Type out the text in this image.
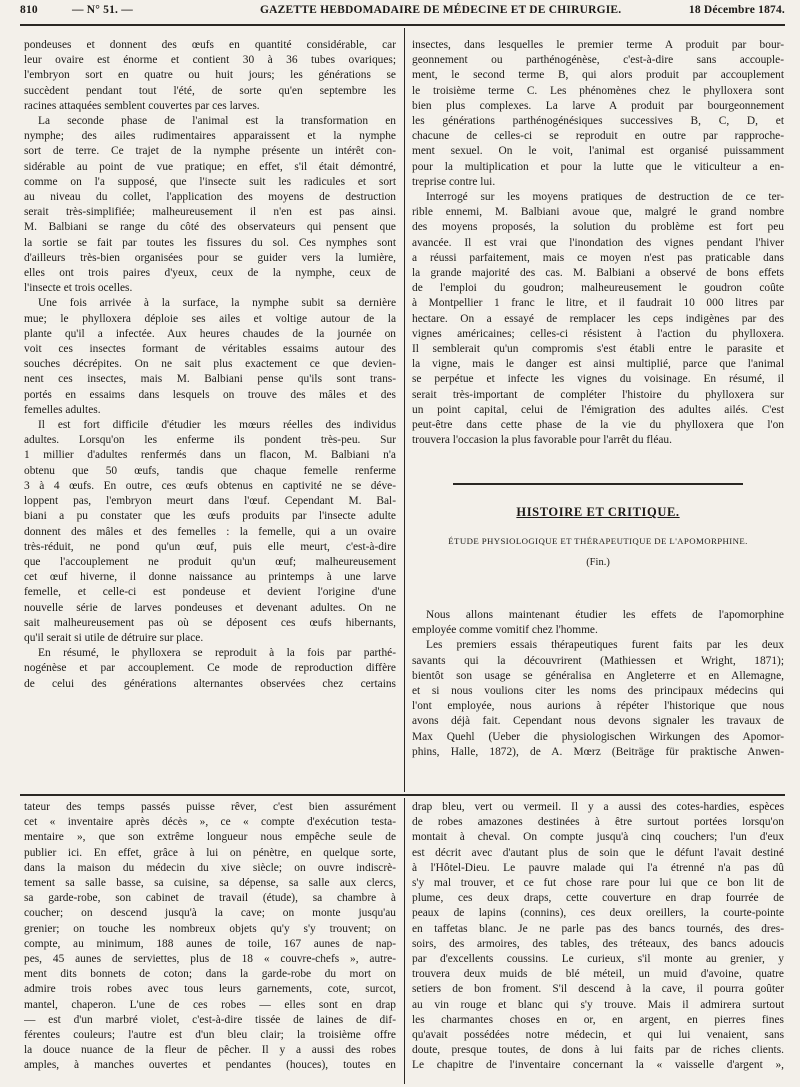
810	— N° 51. —	GAZETTE HEBDOMADAIRE DE MÉDECINE ET DE CHIRURGIE.	18 Décembre 1874.
pondeuses et donnent des œufs en quantité considérable, car
leur ovaire est énorme et contient 30 à 36 tubes ovariques;
l'embryon sort en quatre ou huit jours; les générations se
succèdent pendant tout l'été, de sorte qu'en septembre les
racines attaquées semblent couvertes par ces larves.
La seconde phase de l'animal est la transformation en
nymphe; des ailes rudimentaires apparaissent et la nymphe
sort de terre. Ce trajet de la nymphe présente un intérêt con-
sidérable au point de vue pratique; en effet, s'il était démontré,
comme on l'a supposé, que l'insecte suit les radicules et sort
au niveau du collet, l'application des moyens de destruction
serait très-simplifiée; malheureusement il n'en est pas ainsi.
M. Balbiani se range du côté des observateurs qui pensent que
la sortie se fait par toutes les fissures du sol. Ces nymphes sont
d'ailleurs très-bien organisées pour se guider vers la lumière,
elles ont trois paires d'yeux, ceux de la nymphe, ceux de
l'insecte et trois ocelles.
Une fois arrivée à la surface, la nymphe subit sa dernière
mue; le phylloxera déploie ses ailes et voltige autour de la
plante qu'il a infectée. Aux heures chaudes de la journée on
voit ces insectes formant de véritables essaims autour des
souches décrépites. On ne sait plus exactement ce que devien-
nent ces insectes, mais M. Balbiani pense qu'ils sont trans-
portés en essaims dans lesquels on trouve des mâles et des
femelles adultes.
Il est fort difficile d'étudier les mœurs réelles des individus
adultes. Lorsqu'on les enferme ils pondent très-peu. Sur
1 millier d'adultes renfermés dans un flacon, M. Balbiani n'a
obtenu que 50 œufs, tandis que chaque femelle renferme
3 à 4 œufs. En outre, ces œufs obtenus en captivité ne se déve-
loppent pas, l'embryon meurt dans l'œuf. Cependant M. Bal-
biani a pu constater que les œufs produits par l'insecte adulte
donnent des mâles et des femelles : la femelle, qui a un ovaire
très-réduit, ne pond qu'un œuf, puis elle meurt, c'est-à-dire
que l'accouplement ne produit qu'un œuf; malheureusement
cet œuf hiverne, il donne naissance au printemps à une larve
femelle, et celle-ci est pondeuse et devient l'origine d'une
nouvelle série de larves pondeuses et devenant adultes. On ne
sait malheureusement pas où se déposent ces œufs hibernants,
qu'il serait si utile de détruire sur place.
En résumé, le phylloxera se reproduit à la fois par parthé-
nogénèse et par accouplement. Ce mode de reproduction diffère
de celui des générations alternantes observées chez certains
insectes, dans lesquelles le premier terme A produit par bour-
geonnement ou parthénogénèse, c'est-à-dire sans accouple-
ment, le second terme B, qui alors produit par accouplement
le troisième terme C. Les phénomènes chez le phylloxera sont
bien plus complexes. La larve A produit par bourgeonnement
les générations parthénogénésiques successives B, C, D, et
chacune de celles-ci se reproduit en outre par rapproche-
ment sexuel. On le voit, l'animal est organisé puissamment
pour la multiplication et pour la lutte que le viticulteur a en-
treprise contre lui.
Interrogé sur les moyens pratiques de destruction de ce ter-
rible ennemi, M. Balbiani avoue que, malgré le grand nombre
des moyens proposés, la solution du problème est fort peu
avancée. Il est vrai que l'inondation des vignes pendant l'hiver
a réussi parfaitement, mais ce moyen n'est pas praticable dans
la grande majorité des cas. M. Balbiani a observé de bons effets
de l'emploi du goudron; malheureusement le goudron coûte
à Montpellier 1 franc le litre, et il faudrait 10 000 litres par
hectare. On a essayé de remplacer les ceps indigènes par des
vignes américaines; celles-ci résistent à l'action du phylloxera.
Il semblerait qu'un compromis s'est établi entre le parasite et
la vigne, mais le danger est ainsi multiplié, parce que l'animal
se perpétue et infecte les vignes du voisinage. En résumé, il
serait très-important de compléter l'histoire du phylloxera sur
un point capital, celui de l'émigration des adultes ailés. C'est
peut-être dans cette phase de la vie du phylloxera que l'on
trouvera l'occasion la plus favorable pour l'arrêt du fléau.
HISTOIRE ET CRITIQUE.
ÉTUDE PHYSIOLOGIQUE ET THÉRAPEUTIQUE DE L'APOMORPHINE.
(Fin.)
Nous allons maintenant étudier les effets de l'apomorphine
employée comme vomitif chez l'homme.
Les premiers essais thérapeutiques furent faits par les deux
savants qui la découvrirent (Mathiessen et Wright, 1871);
bientôt son usage se généralisa en Angleterre et en Allemagne,
et si nous voulions citer les noms des principaux médecins qui
l'ont employée, nous aurions à répéter l'historique que nous
avons déjà fait. Cependant nous devons signaler les travaux de
Max Quehl (Ueber die physiologischen Wirkungen des Apomor-
phins, Halle, 1872), de A. Mœrz (Beiträge für praktische Anwen-
tateur des temps passés puisse rêver, c'est bien assurément
cet « inventaire après décès », ce « compte d'exécution testa-
mentaire », que son extrême longueur nous empêche seule de
publier ici. En effet, grâce à lui on pénètre, en quelque sorte,
dans la maison du médecin du xive siècle; on ouvre indiscrè-
tement sa salle basse, sa cuisine, sa dépense, sa salle aux clercs,
sa garde-robe, son cabinet de travail (étude), sa chambre à
coucher; on descend jusqu'à la cave; on monte jusqu'au
grenier; on touche les nombreux objets qu'y s'y trouvent; on
compte, au minimum, 188 aunes de toile, 167 aunes de nap-
pes, 45 aunes de serviettes, plus de 18 « couvre-chefs », autre-
ment dits bonnets de coton; dans la garde-robe du mort on
admire trois robes avec tous leurs garnements, cote, surcot,
mantel, chaperon. L'une de ces robes — elles sont en drap
— est d'un marbré violet, c'est-à-dire tissée de laines de dif-
férentes couleurs; l'autre est d'un bleu clair; la troisième offre
la douce nuance de la fleur de pêcher. Il y a aussi des robes
amples, à manches ouvertes et pendantes (houces), toutes en
drap bleu, vert ou vermeil. Il y a aussi des cotes-hardies, espèces
de robes amazones destinées à être surtout portées lorsqu'on
montait à cheval. On compte jusqu'à cinq couchers; l'un d'eux
est décrit avec d'autant plus de soin que le défunt l'avait destiné
à l'Hôtel-Dieu. Le pauvre malade qui l'a étrenné n'a pas dû
s'y mal trouver, et ce fut chose rare pour lui que ce bon lit de
plume, ces deux draps, cette couverture en drap fourrée de
peaux de lapins (connins), ces deux oreillers, la courte-pointe
en taffetas blanc. Je ne parle pas des bancs tournés, des dres-
soirs, des armoires, des tables, des tréteaux, des bancs adoucis
par d'excellents coussins. Le curieux, s'il monte au grenier, y
trouvera deux muids de blé méteil, un muid d'avoine, quatre
setiers de bon froment. S'il descend à la cave, il pourra goûter
au vin rouge et blanc qui s'y trouve. Mais il admirera surtout
les charmantes choses en or, en argent, en pierres fines
qu'avait possédées notre médecin, et qui lui venaient, sans
doute, presque toutes, de dons à lui faits par de riches clients.
Le chapitre de l'inventaire concernant la « vaisselle d'argent »,
